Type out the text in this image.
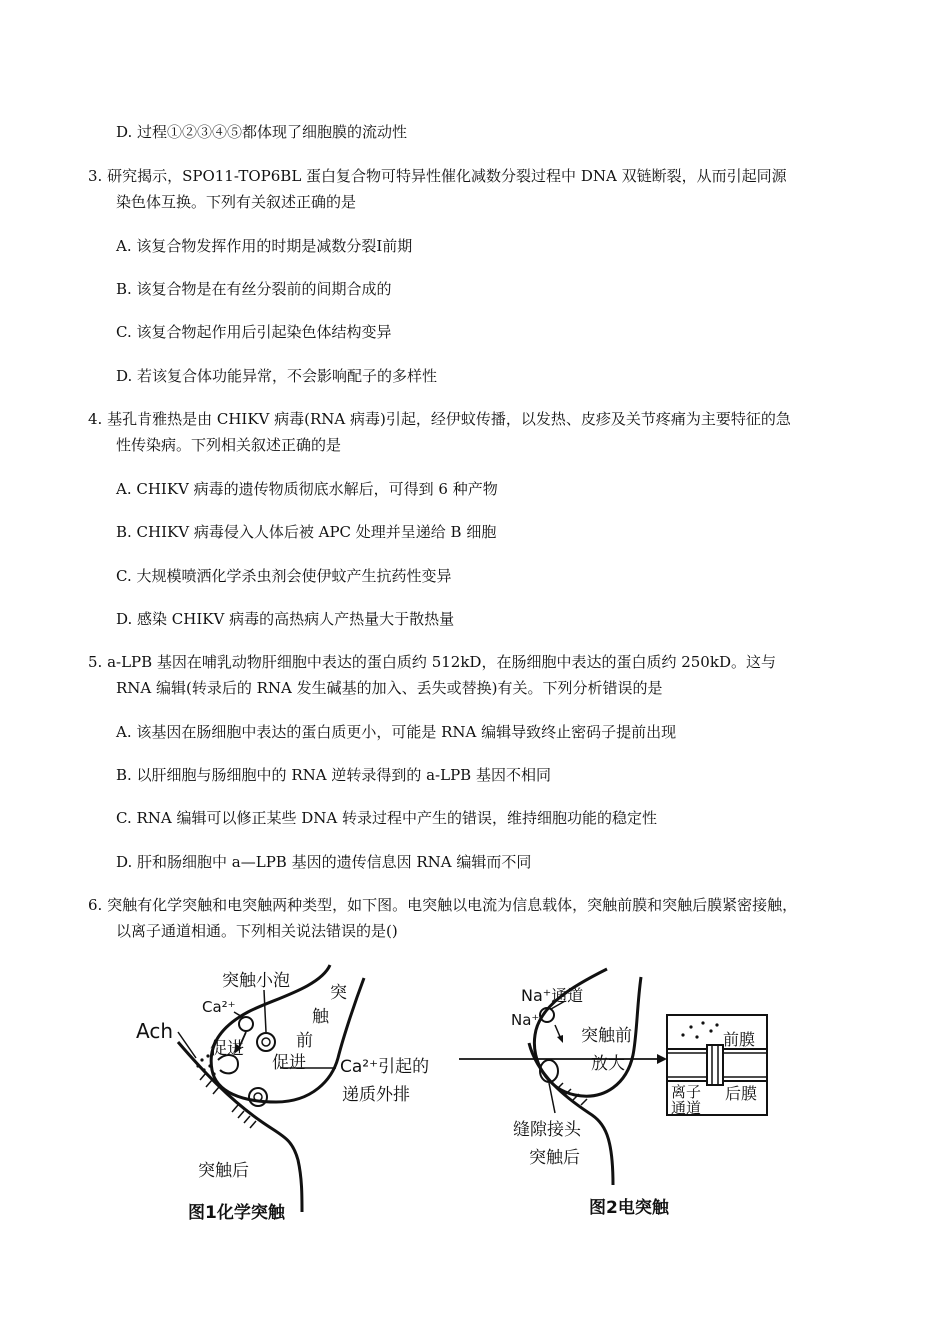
D. 过程①②③④⑤都体现了细胞膜的流动性
3. 研究揭示，SPO11-TOP6BL 蛋白复合物可特异性催化减数分裂过程中 DNA 双链断裂，从而引起同源
染色体互换。下列有关叙述正确的是
A. 该复合物发挥作用的时期是减数分裂Ⅰ前期
B. 该复合物是在有丝分裂前的间期合成的
C. 该复合物起作用后引起染色体结构变异
D. 若该复合体功能异常，不会影响配子的多样性
4. 基孔肯雅热是由 CHIKV 病毒(RNA 病毒)引起，经伊蚊传播，以发热、皮疹及关节疼痛为主要特征的急
性传染病。下列相关叙述正确的是
A. CHIKV 病毒的遗传物质彻底水解后，可得到 6 种产物
B. CHIKV 病毒侵入人体后被 APC 处理并呈递给 B 细胞
C. 大规模喷洒化学杀虫剂会使伊蚊产生抗药性变异
D. 感染 CHIKV 病毒的高热病人产热量大于散热量
5. a-LPB 基因在哺乳动物肝细胞中表达的蛋白质约 512kD，在肠细胞中表达的蛋白质约 250kD。这与
RNA 编辑(转录后的 RNA 发生碱基的加入、丢失或替换)有关。下列分析错误的是
A. 该基因在肠细胞中表达的蛋白质更小，可能是 RNA 编辑导致终止密码子提前出现
B. 以肝细胞与肠细胞中的 RNA 逆转录得到的 a-LPB 基因不相同
C. RNA 编辑可以修正某些 DNA 转录过程中产生的错误，维持细胞功能的稳定性
D. 肝和肠细胞中 a—LPB 基因的遗传信息因 RNA 编辑而不同
6. 突触有化学突触和电突触两种类型，如下图。电突触以电流为信息载体，突触前膜和突触后膜紧密接触，
以离子通道相通。下列相关说法错误的是()
突触小泡
Ca²⁺
Ach
促进
促进
突
触
前
Ca²⁺引起的
递质外排
突触后
图1化学突触
Na⁺通道
Na⁺
突触前
放大
缝隙接头
突触后
前膜
后膜
离子
通道
图2电突触
